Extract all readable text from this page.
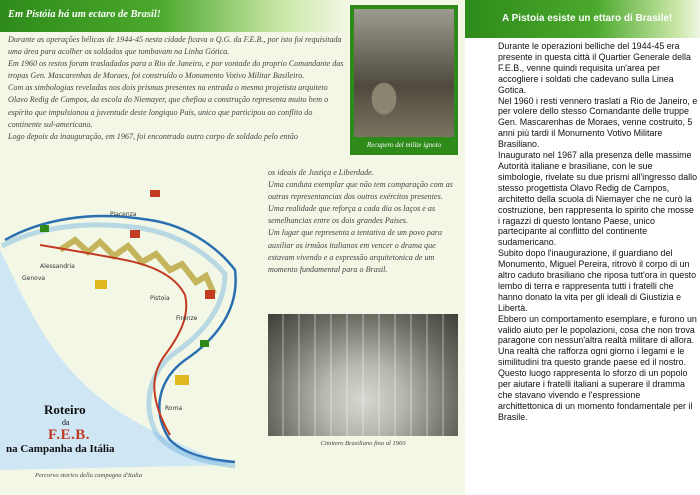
Em Pistóia há um ectaro de Brasil!

Durante as operações bélicas de 1944-45 nesta cidade ficava o Q.G. da F.E.B., por isto foi requisitada uma área para acolher os soldados que tombavam na Linha Gótica.

Em 1960 os restos foram trasladados para o Rio de Janeiro, e por vontade do proprio Comandante das tropas Gen. Mascarenhas de Moraes, foi construído o Monumento Votivo Militar Basileiro.

Com as simbologias reveladas nos dois prismas presentes na entrada o mesmo projetista arquiteto Olavo Redig de Campos, da escola do Niemayer, que chefiou a construção representa muito bem o espírito que impulsionou a juventude deste longiquo País, unico que participou ao conflito do continente sul-americano.

Logo depois da inauguração, em 1967, foi encontrado outro corpo de soldado pelo então

Recupero del milite ignoto

os ideais de Justiça e Liberdade.

Uma conduta exemplar que não tem comparação com as outras representancias dos outros exércitos presentes.

Uma realidade que reforça a cada dia os laços e as semelhancias entre os dois grandes Paises.

Um lugar que representa a tentativa de um povo para auxiliar os irmãos italianos em vencer o drama que estavam vivendo e a expressão arquitetonica de um momento fundamental para o Brasil.

Piacenza
Alessandria
Genova
Pistoia
Firenze
Roma
Roteiro
da
F.E.B.
na Campanha da Itália
Percorso storico della campagna d'Italia
Cimitero Brasiliano fino al 1960
A Pistoia esiste un ettaro di Brasile!

Durante le operazioni belliche del 1944-45 era presente in questa città il Quartier Generale della F.E.B., venne quindi requisita un'area per accogliere i soldati che cadevano sulla Linea Gotica.

Nel 1960 i resti vennero traslati a Rio de Janeiro, e per volere dello stesso Comandante delle truppe Gen. Mascarenhas de Moraes, venne costruito, 5 anni più tardi il Monumento Votivo Militare Brasiliano.

Inaugurato nel 1967 alla presenza delle massime Autorità italiane e brasiliane, con le sue simbologie, rivelate su due prismi all'ingresso dallo stesso progettista Olavo Redig de Campos, architetto della scuola di Niemayer che ne curò la costruzione, ben rappresenta lo spirito che mosse i ragazzi di questo lontano Paese, unico partecipante al conflitto del continente sudamericano.

Subito dopo l'inaugurazione, il guardiano del Monumento, Miguel Pereira, ritrovò il corpo di un altro caduto brasiliano che riposa tutt'ora in questo lembo di terra e rappresenta tutti i fratelli che hanno donato la vita per gli ideali di Giustizia e Libertà.

Ebbero un comportamento esemplare, e furono un valido aiuto per le popolazioni, cosa che non trova paragone con nessun'altra realtà militare di allora.

Una realtà che rafforza ogni giorno i legami e le similitudini tra questo grande paese ed il nostro.

Questo luogo rappresenta lo sforzo di un popolo per aiutare i fratelli italiani a superare il dramma che stavano vivendo e l'espressione archittettonica di un momento fondamentale per il Brasile.
